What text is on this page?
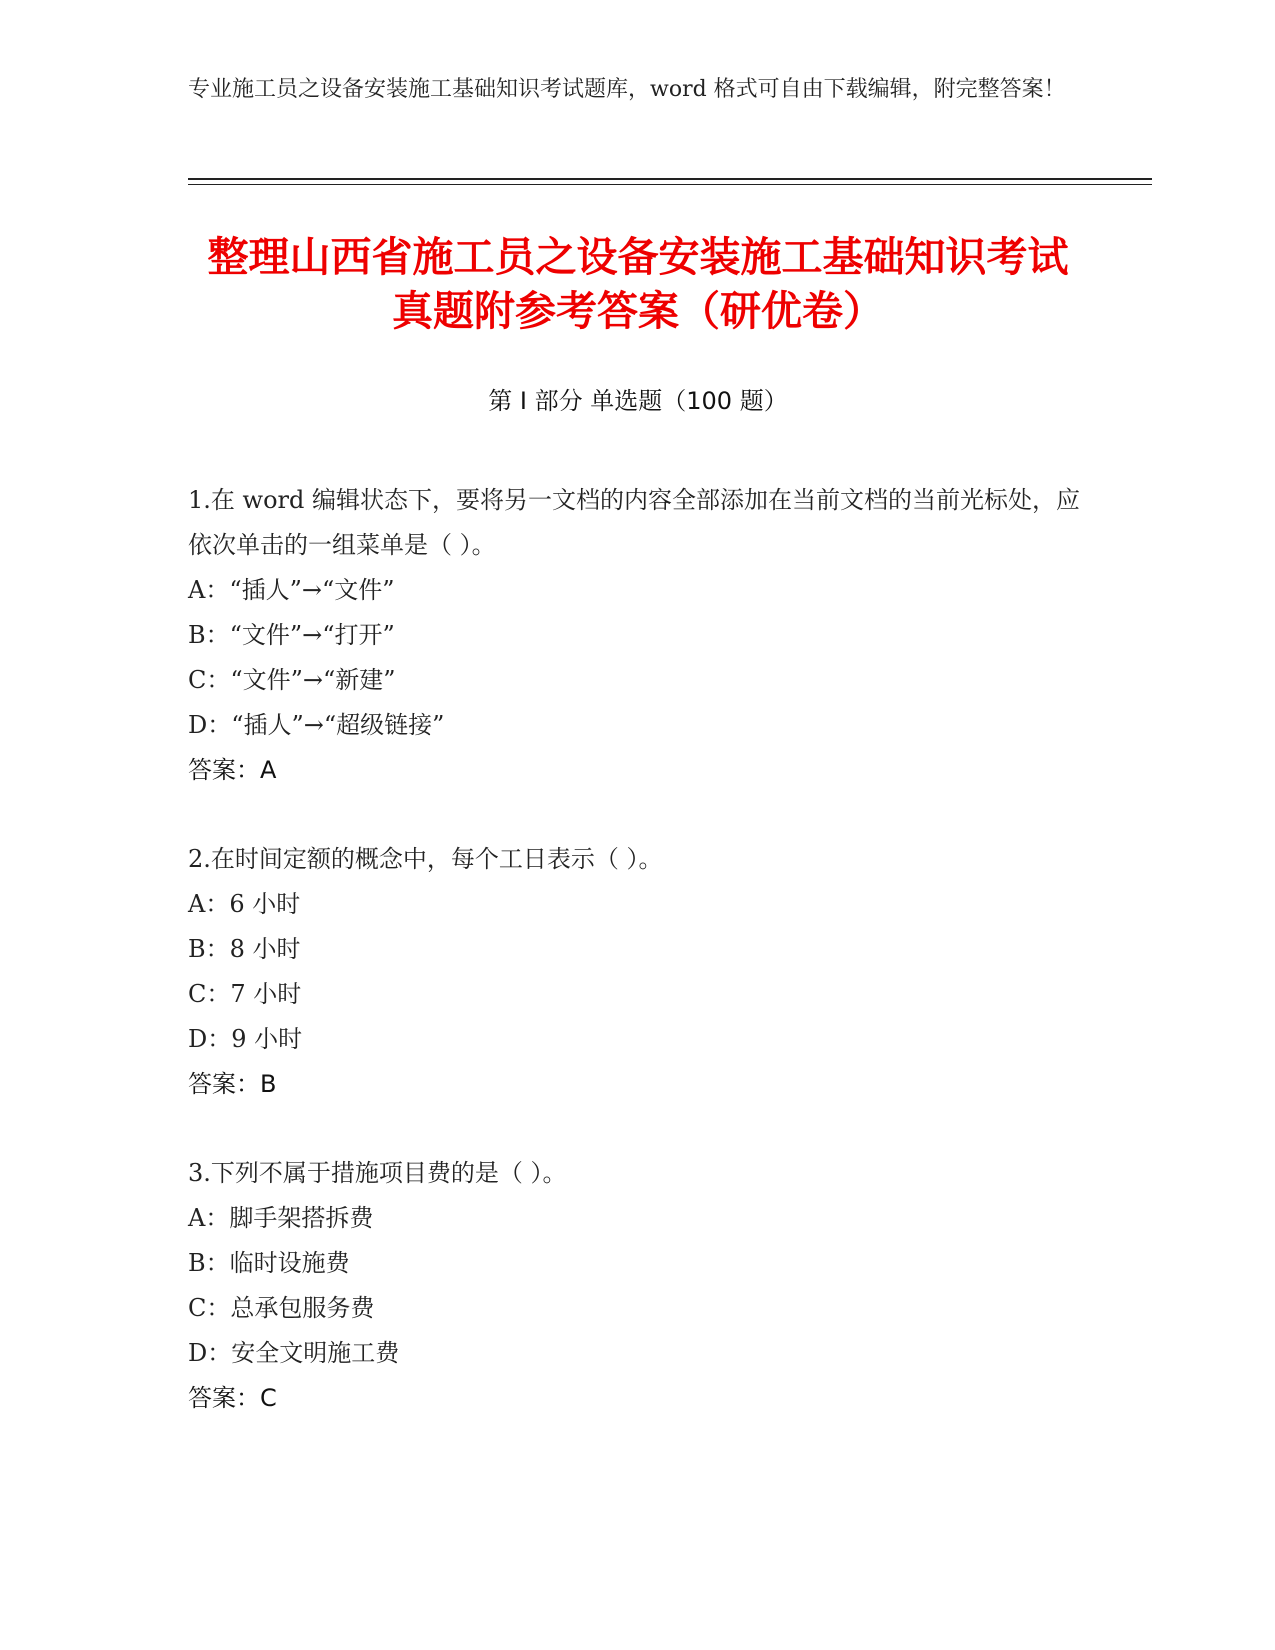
专业施工员之设备安装施工基础知识考试题库，word 格式可自由下载编辑，附完整答案！
整理山西省施工员之设备安装施工基础知识考试真题附参考答案（研优卷）
第 I 部分 单选题（100 题）

1.在 word 编辑状态下，要将另一文档的内容全部添加在当前文档的当前光标处，应依次单击的一组菜单是（ ）。

A：“插人”→“文件”

B：“文件”→“打开”

C：“文件”→“新建”

D：“插人”→“超级链接”

答案：A

2.在时间定额的概念中，每个工日表示（ ）。

A：6 小时

B：8 小时

C：7 小时

D：9 小时

答案：B

3.下列不属于措施项目费的是（ ）。

A：脚手架搭拆费

B：临时设施费

C：总承包服务费

D：安全文明施工费

答案：C
